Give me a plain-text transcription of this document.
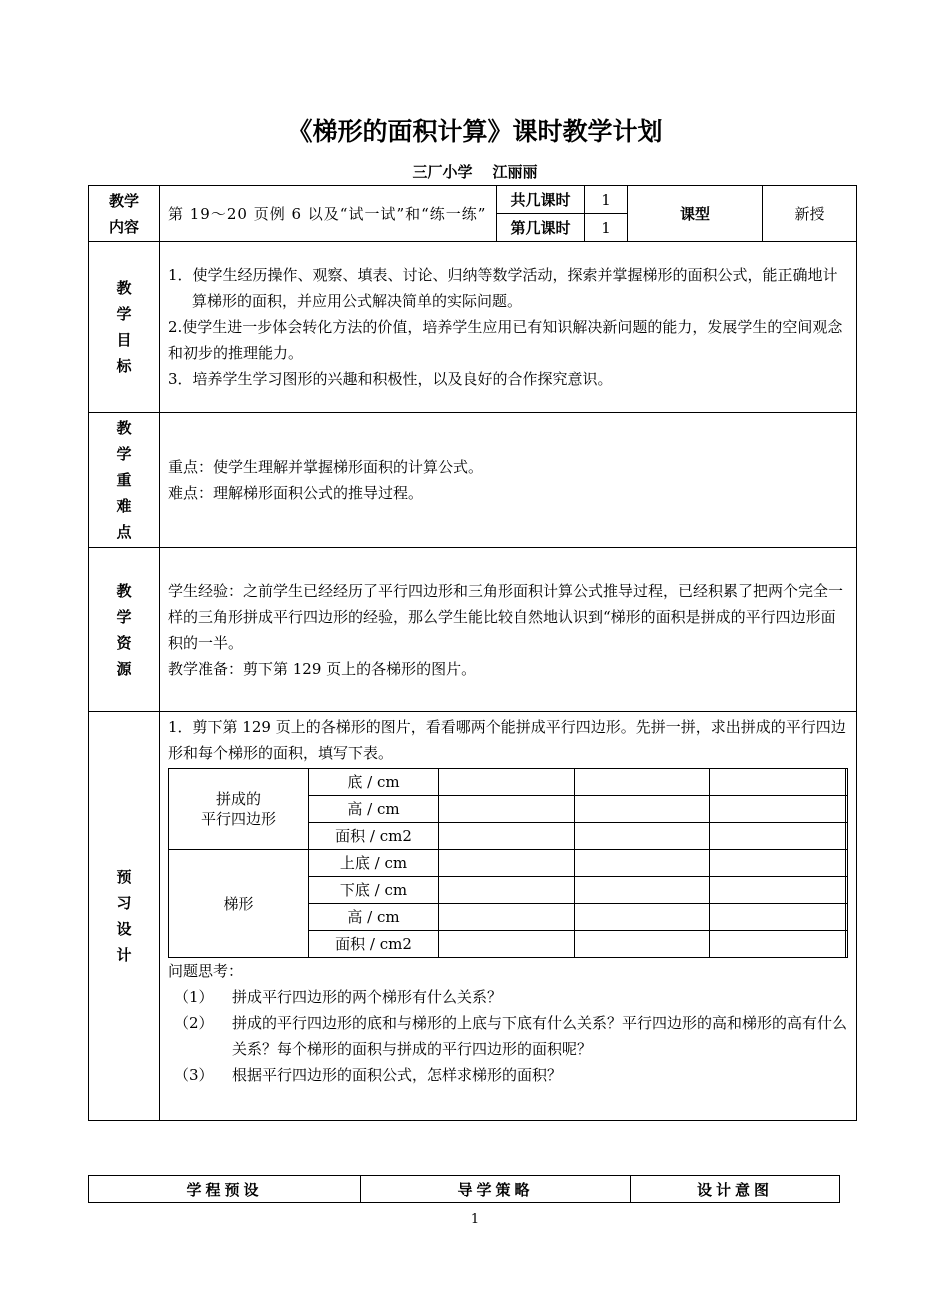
《梯形的面积计算》课时教学计划
三厂小学 江丽丽
教学
内容
	第 19～20 页例 6 以及“试一试”和“练一练”	共几课时	1	课型	新授
第几课时	1

教
学
目
标

1．使学生经历操作、观察、填表、讨论、归纳等数学活动，探索并掌握梯形的面积公式，能正确地计算梯形的面积，并应用公式解决简单的实际问题。

2.使学生进一步体会转化方法的价值，培养学生应用已有知识解决新问题的能力，发展学生的空间观念和初步的推理能力。

3．培养学生学习图形的兴趣和积极性，以及良好的合作探究意识。

教
学
重
难
点

重点：使学生理解并掌握梯形面积的计算公式。

难点：理解梯形面积公式的推导过程。

教
学
资
源

学生经验：之前学生已经经历了平行四边形和三角形面积计算公式推导过程，已经积累了把两个完全一样的三角形拼成平行四边形的经验，那么学生能比较自然地认识到“梯形的面积是拼成的平行四边形面积的一半。

教学准备：剪下第 129 页上的各梯形的图片。

预
习
设
计

1．剪下第 129 页上的各梯形的图片，看看哪两个能拼成平行四边形。先拼一拼，求出拼成的平行四边形和每个梯形的面积，填写下表。

拼成的
平行四边形
	底 / cm				
高 / cm				
面积 / cm2				
梯形	上底 / cm				
下底 / cm				
高 / cm				
面积 / cm2				

问题思考：

（1）	拼成平行四边形的两个梯形有什么关系？
（2）	拼成的平行四边形的底和与梯形的上底与下底有什么关系？平行四边形的高和梯形的高有什么关系？每个梯形的面积与拼成的平行四边形的面积呢？
（3）	根据平行四边形的面积公式，怎样求梯形的面积？
学程预设	导学策略	设计意图
1
